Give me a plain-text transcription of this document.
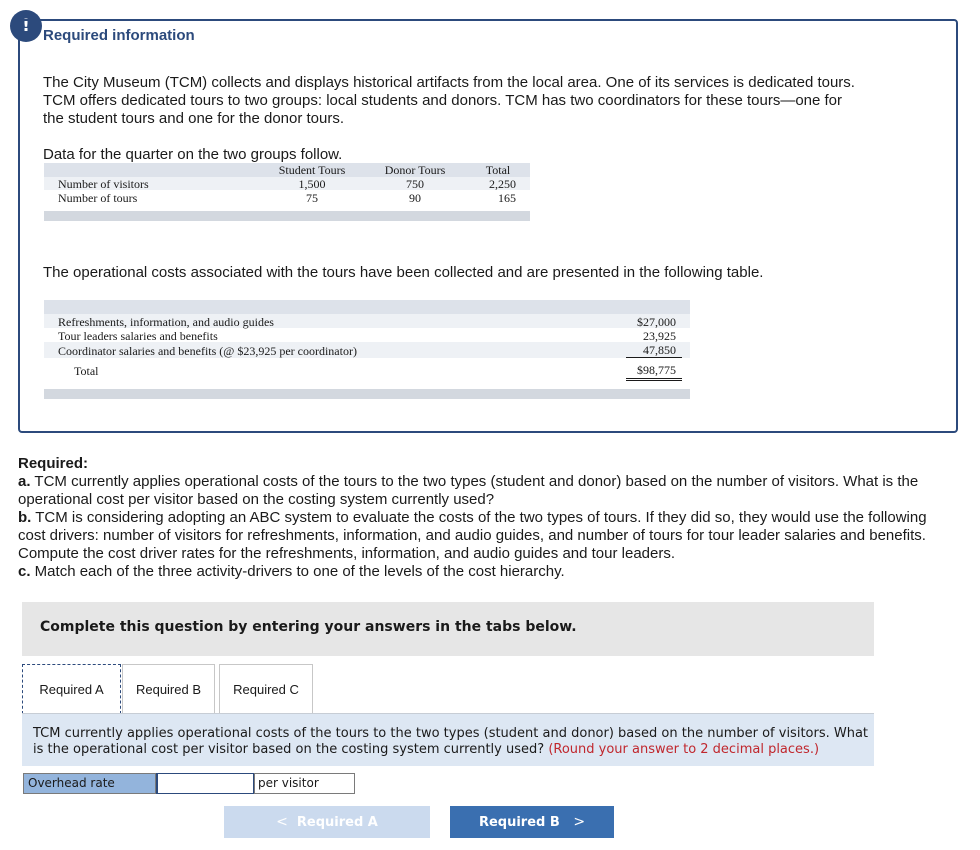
! Required information
The City Museum (TCM) collects and displays historical artifacts from the local area. One of its services is dedicated tours.
TCM offers dedicated tours to two groups: local students and donors. TCM has two coordinators for these tours—one for
the student tours and one for the donor tours.
Data for the quarter on the two groups follow.
Student Tours	Donor Tours	Total
Number of visitors	1,500	750	2,250
Number of tours	75	90	165
The operational costs associated with the tours have been collected and are presented in the following table.
Refreshments, information, and audio guides	$27,000
Tour leaders salaries and benefits	23,925
Coordinator salaries and benefits (@ $23,925 per coordinator)	47,850
Total	$98,775
Required:
a. TCM currently applies operational costs of the tours to the two types (student and donor) based on the number of visitors. What is the operational cost per visitor based on the costing system currently used?
b. TCM is considering adopting an ABC system to evaluate the costs of the two types of tours. If they did so, they would use the following cost drivers: number of visitors for refreshments, information, and audio guides, and number of tours for tour leader salaries and benefits. Compute the cost driver rates for the refreshments, information, and audio guides and tour leaders.
c. Match each of the three activity-drivers to one of the levels of the cost hierarchy.
Complete this question by entering your answers in the tabs below.
Required A	Required B	Required C
TCM currently applies operational costs of the tours to the two types (student and donor) based on the number of visitors. What is the operational cost per visitor based on the costing system currently used? (Round your answer to 2 decimal places.)
Overhead rate	per visitor
<
Required A	Required B
>
